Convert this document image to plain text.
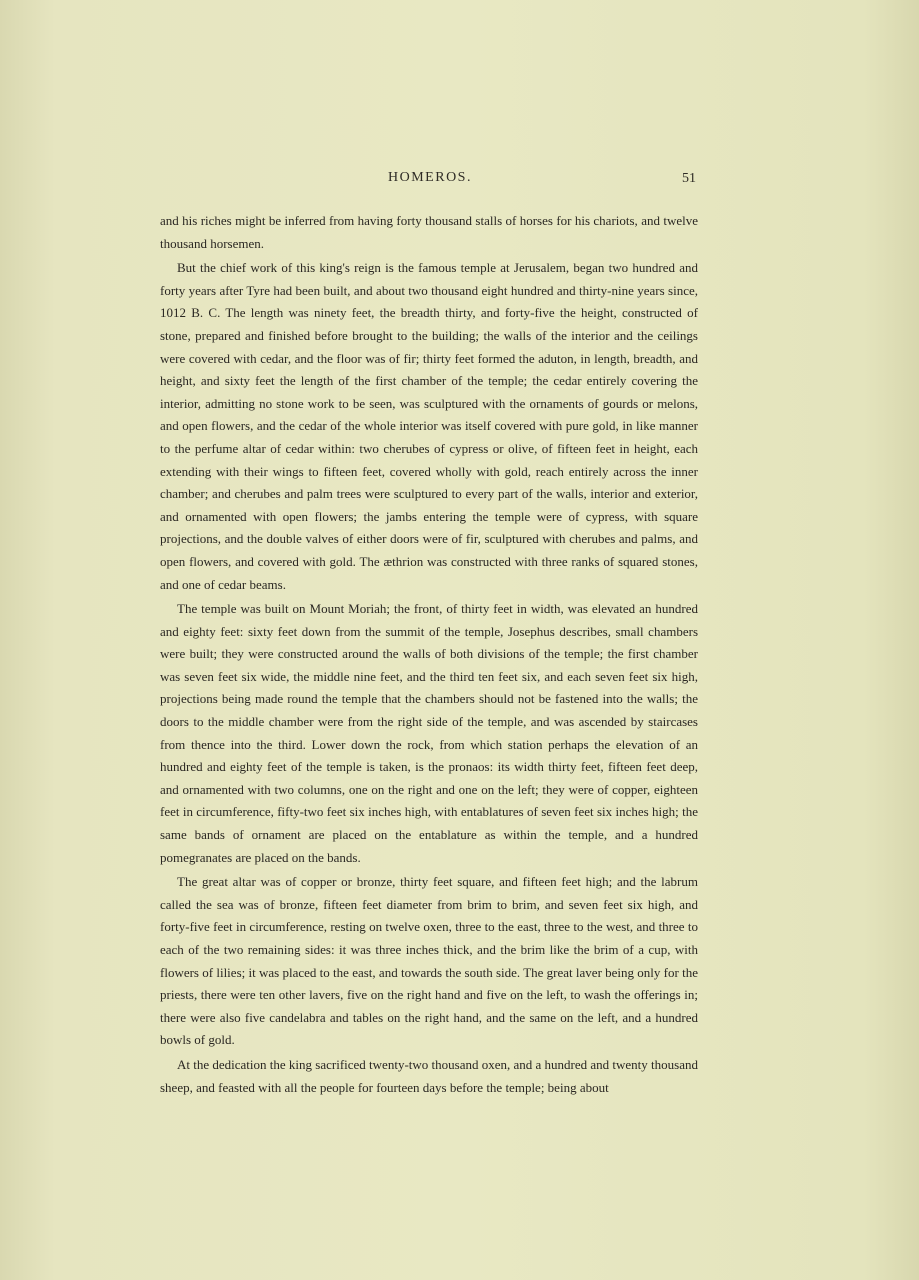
HOMEROS.	51

and his riches might be inferred from having forty thousand stalls of horses for his chariots, and twelve thousand horsemen.

But the chief work of this king's reign is the famous temple at Jerusalem, began two hundred and forty years after Tyre had been built, and about two thousand eight hundred and thirty-nine years since, 1012 B. C. The length was ninety feet, the breadth thirty, and forty-five the height, constructed of stone, prepared and finished before brought to the building; the walls of the interior and the ceilings were covered with cedar, and the floor was of fir; thirty feet formed the aduton, in length, breadth, and height, and sixty feet the length of the first chamber of the temple; the cedar entirely covering the interior, admitting no stone work to be seen, was sculptured with the ornaments of gourds or melons, and open flowers, and the cedar of the whole interior was itself covered with pure gold, in like manner to the perfume altar of cedar within: two cherubes of cypress or olive, of fifteen feet in height, each extending with their wings to fifteen feet, covered wholly with gold, reach entirely across the inner chamber; and cherubes and palm trees were sculptured to every part of the walls, interior and exterior, and ornamented with open flowers; the jambs entering the temple were of cypress, with square projections, and the double valves of either doors were of fir, sculptured with cherubes and palms, and open flowers, and covered with gold. The æthrion was constructed with three ranks of squared stones, and one of cedar beams.

The temple was built on Mount Moriah; the front, of thirty feet in width, was elevated an hundred and eighty feet: sixty feet down from the summit of the temple, Josephus describes, small chambers were built; they were constructed around the walls of both divisions of the temple; the first chamber was seven feet six wide, the middle nine feet, and the third ten feet six, and each seven feet six high, projections being made round the temple that the chambers should not be fastened into the walls; the doors to the middle chamber were from the right side of the temple, and was ascended by staircases from thence into the third. Lower down the rock, from which station perhaps the elevation of an hundred and eighty feet of the temple is taken, is the pronaos: its width thirty feet, fifteen feet deep, and ornamented with two columns, one on the right and one on the left; they were of copper, eighteen feet in circumference, fifty-two feet six inches high, with entablatures of seven feet six inches high; the same bands of ornament are placed on the entablature as within the temple, and a hundred pomegranates are placed on the bands.

The great altar was of copper or bronze, thirty feet square, and fifteen feet high; and the labrum called the sea was of bronze, fifteen feet diameter from brim to brim, and seven feet six high, and forty-five feet in circumference, resting on twelve oxen, three to the east, three to the west, and three to each of the two remaining sides: it was three inches thick, and the brim like the brim of a cup, with flowers of lilies; it was placed to the east, and towards the south side. The great laver being only for the priests, there were ten other lavers, five on the right hand and five on the left, to wash the offerings in; there were also five candelabra and tables on the right hand, and the same on the left, and a hundred bowls of gold.

At the dedication the king sacrificed twenty-two thousand oxen, and a hundred and twenty thousand sheep, and feasted with all the people for fourteen days before the temple; being about
